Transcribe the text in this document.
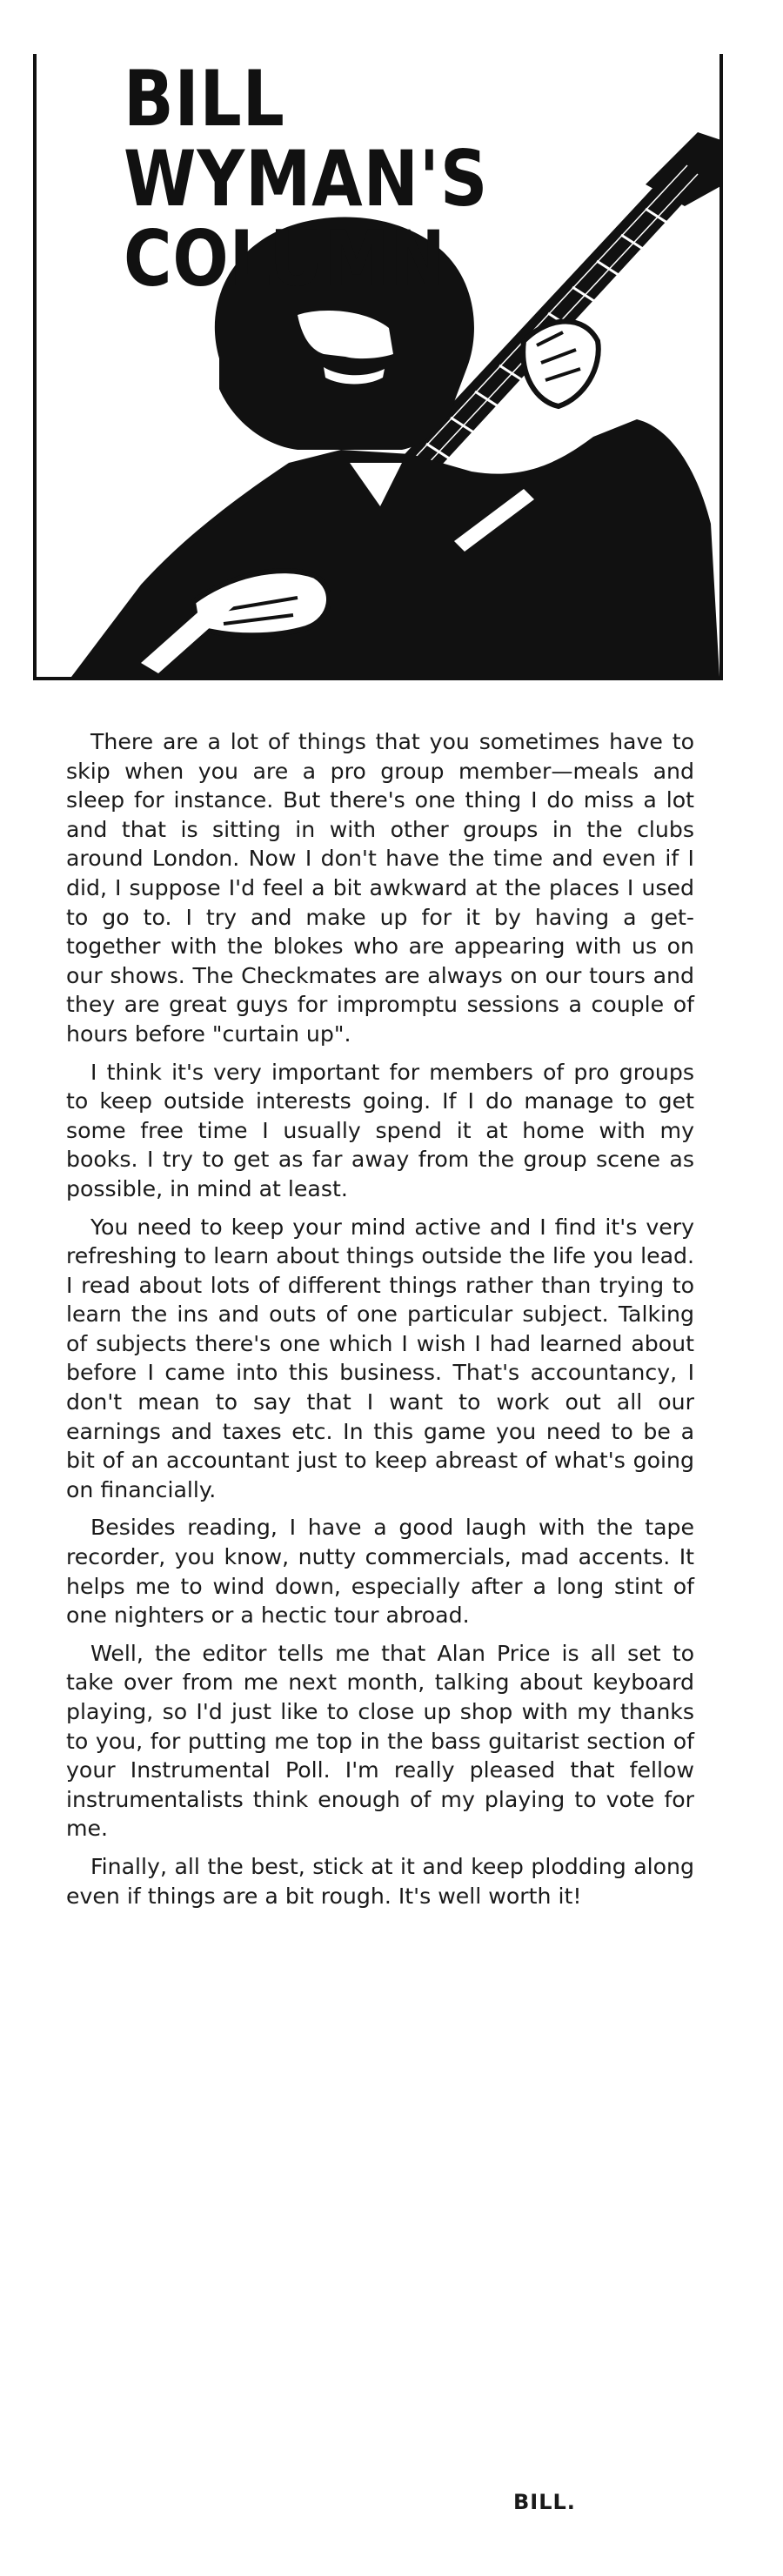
BILL WYMAN'S
COLUMN

There are a lot of things that you sometimes have to skip when you are a pro group member—meals and sleep for instance. But there's one thing I do miss a lot and that is sitting in with other groups in the clubs around London. Now I don't have the time and even if I did, I suppose I'd feel a bit awkward at the places I used to go to. I try and make up for it by having a get-together with the blokes who are appearing with us on our shows. The Checkmates are always on our tours and they are great guys for impromptu sessions a couple of hours before "curtain up".

I think it's very important for members of pro groups to keep outside interests going. If I do manage to get some free time I usually spend it at home with my books. I try to get as far away from the group scene as possible, in mind at least.

You need to keep your mind active and I find it's very refreshing to learn about things outside the life you lead. I read about lots of different things rather than trying to learn the ins and outs of one particular subject. Talking of subjects there's one which I wish I had learned about before I came into this business. That's accountancy, I don't mean to say that I want to work out all our earnings and taxes etc. In this game you need to be a bit of an accountant just to keep abreast of what's going on financially.

Besides reading, I have a good laugh with the tape recorder, you know, nutty commercials, mad accents. It helps me to wind down, especially after a long stint of one nighters or a hectic tour abroad.

Well, the editor tells me that Alan Price is all set to take over from me next month, talking about keyboard playing, so I'd just like to close up shop with my thanks to you, for putting me top in the bass guitarist section of your Instrumental Poll. I'm really pleased that fellow instrumentalists think enough of my playing to vote for me.

Finally, all the best, stick at it and keep plodding along even if things are a bit rough. It's well worth it!

BILL.
